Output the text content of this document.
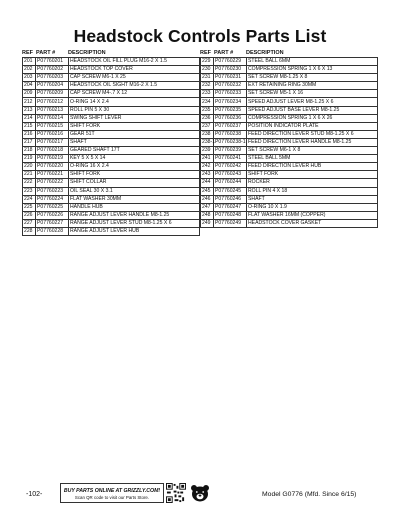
Headstock Controls Parts List
REF PART # DESCRIPTION
201	P07760201	HEADSTOCK OIL FILL PLUG M16-2 X 1.5
202	P07760202	HEADSTOCK TOP COVER
203	P07760203	CAP SCREW M6-1 X 25
204	P07760204	HEADSTOCK OIL SIGHT M16-2 X 1.5
209	P07760209	CAP SCREW M4-.7 X 12
212	P07760212	O-RING 14 X 2.4
213	P07760213	ROLL PIN 5 X 30
214	P07760214	SWING SHIFT LEVER
215	P07760215	SHIFT FORK
216	P07760216	GEAR 51T
217	P07760217	SHAFT
218	P07760218	GEARED SHAFT 17T
219	P07760219	KEY 5 X 5 X 14
220	P07760220	O-RING 16 X 2.4
221	P07760221	SHIFT FORK
222	P07760222	SHIFT COLLAR
223	P07760223	OIL SEAL 30 X 3.1
224	P07760224	FLAT WASHER 30MM
225	P07760225	HANDLE HUB
226	P07760226	RANGE ADJUST LEVER HANDLE M8-1.25
227	P07760227	RANGE ADJUST LEVER STUD M8-1.25 X 6
228	P07760228	RANGE ADJUST LEVER HUB
REF PART # DESCRIPTION
229	P07760229	STEEL BALL 6MM
230	P07760230	COMPRESSION SPRING 1 X 6 X 13
231	P07760231	SET SCREW M8-1.25 X 8
232	P07760232	EXT RETAINING RING 30MM
233	P07760233	SET SCREW M5-1 X 16
234	P07760234	SPEED ADJUST LEVER M8-1.25 X 6
235	P07760235	SPEED ADJUST BASE LEVER M8-1.25
236	P07760236	COMPRESSION SPRING 1 X 6 X 26
237	P07760237	POSITION INDICATOR PLATE
238	P07760238	FEED DIRECTION LEVER STUD M8-1.25 X 6
238-1	P07760238-1	FEED DIRECTION LEVER HANDLE M8-1.25
239	P07760239	SET SCREW M6-1 X 8
241	P07760241	STEEL BALL 5MM
242	P07760242	FEED DIRECTION LEVER HUB
243	P07760243	SHIFT FORK
244	P07760244	ROCKER
245	P07760245	ROLL PIN 4 X 18
246	P07760246	SHAFT
247	P07760247	O-RING 10 X 1.9
248	P07760248	FLAT WASHER 16MM (COPPER)
249	P07760249	HEADSTOCK COVER GASKET
-102-	BUY PARTS ONLINE AT GRIZZLY.COM!
Scan QR code to visit our Parts Store.	Model G0776 (Mfd. Since 6/15)
